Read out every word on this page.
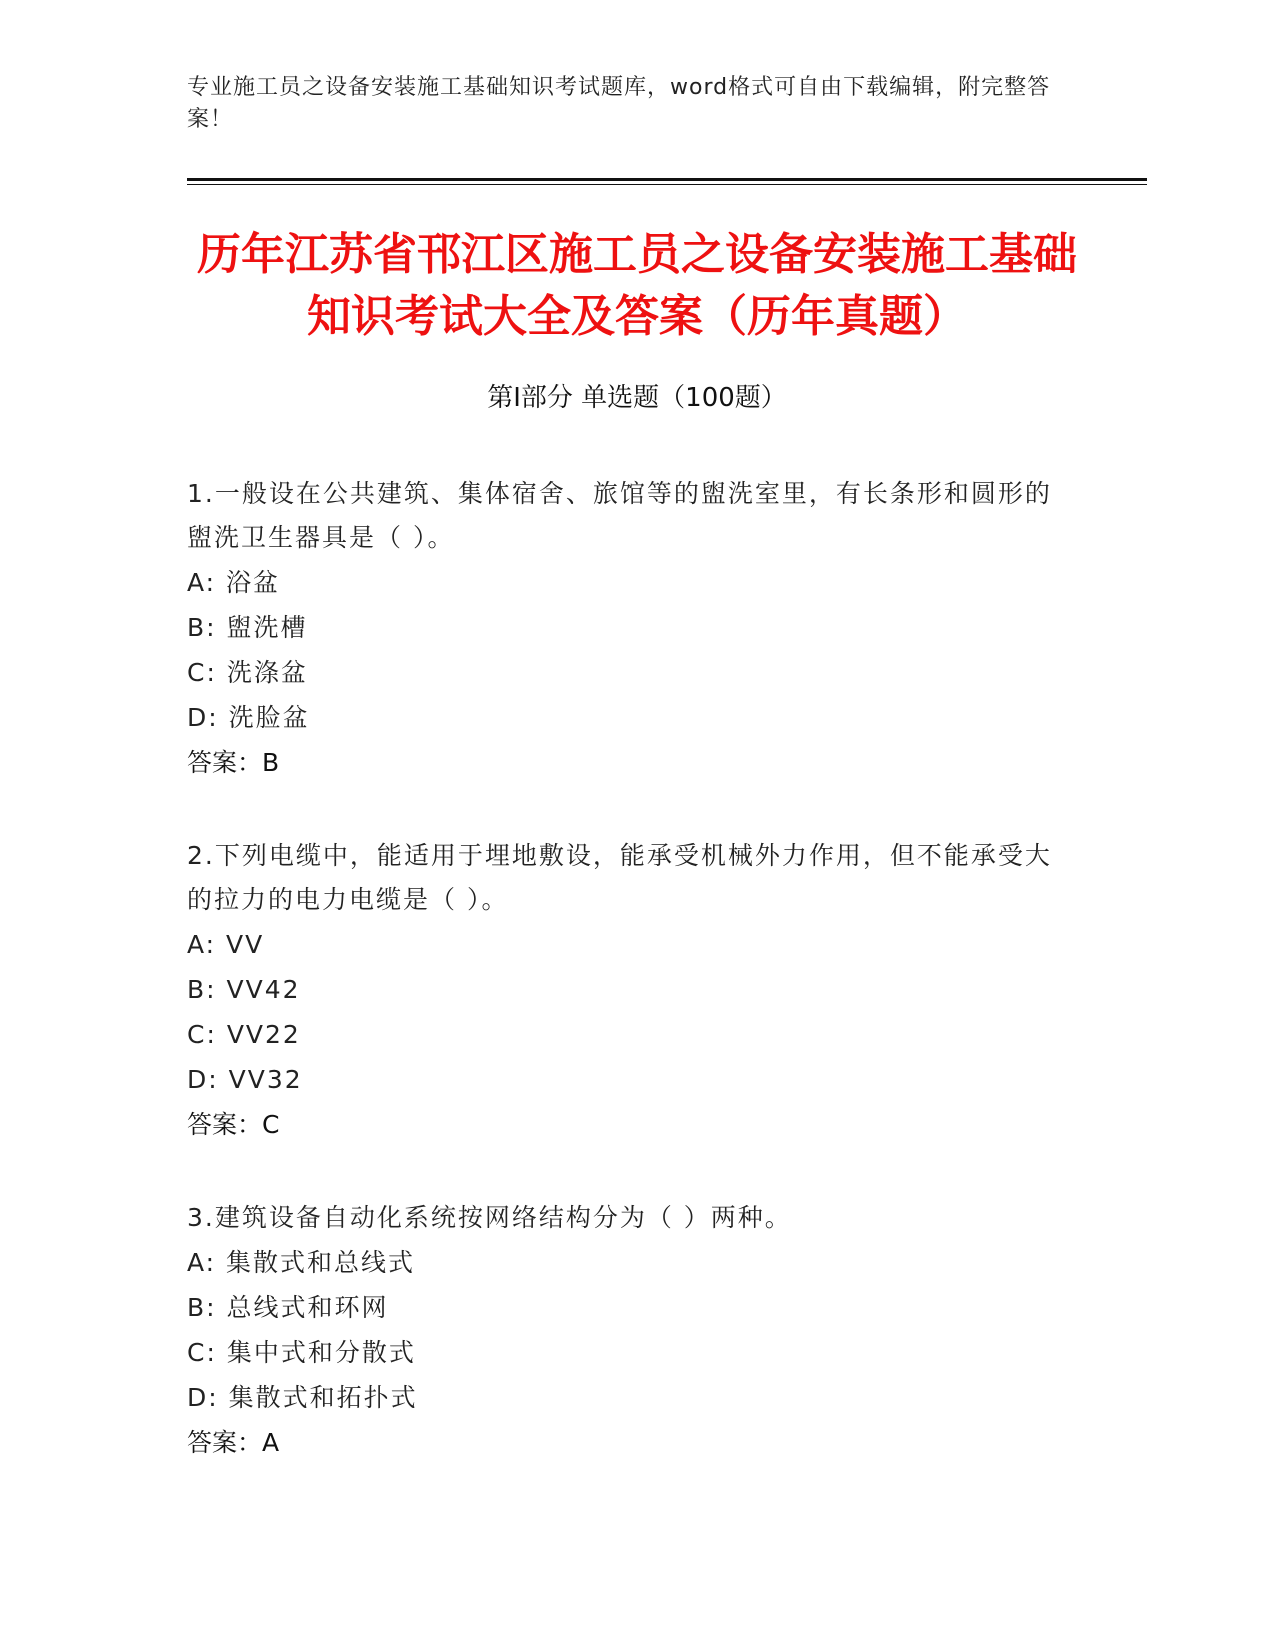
专业施工员之设备安装施工基础知识考试题库，word格式可自由下载编辑，附完整答案！
历年江苏省邗江区施工员之设备安装施工基础知识考试大全及答案（历年真题）
第Ⅰ部分 单选题（100题）

1.一般设在公共建筑、集体宿舍、旅馆等的盥洗室里，有长条形和圆形的盥洗卫生器具是（ ）。

A: 浴盆

B: 盥洗槽

C: 洗涤盆

D: 洗脸盆

答案：B

2.下列电缆中，能适用于埋地敷设，能承受机械外力作用，但不能承受大的拉力的电力电缆是（ ）。

A: VV

B: VV42

C: VV22

D: VV32

答案：C

3.建筑设备自动化系统按网络结构分为（ ）两种。

A: 集散式和总线式

B: 总线式和环网

C: 集中式和分散式

D: 集散式和拓扑式

答案：A
